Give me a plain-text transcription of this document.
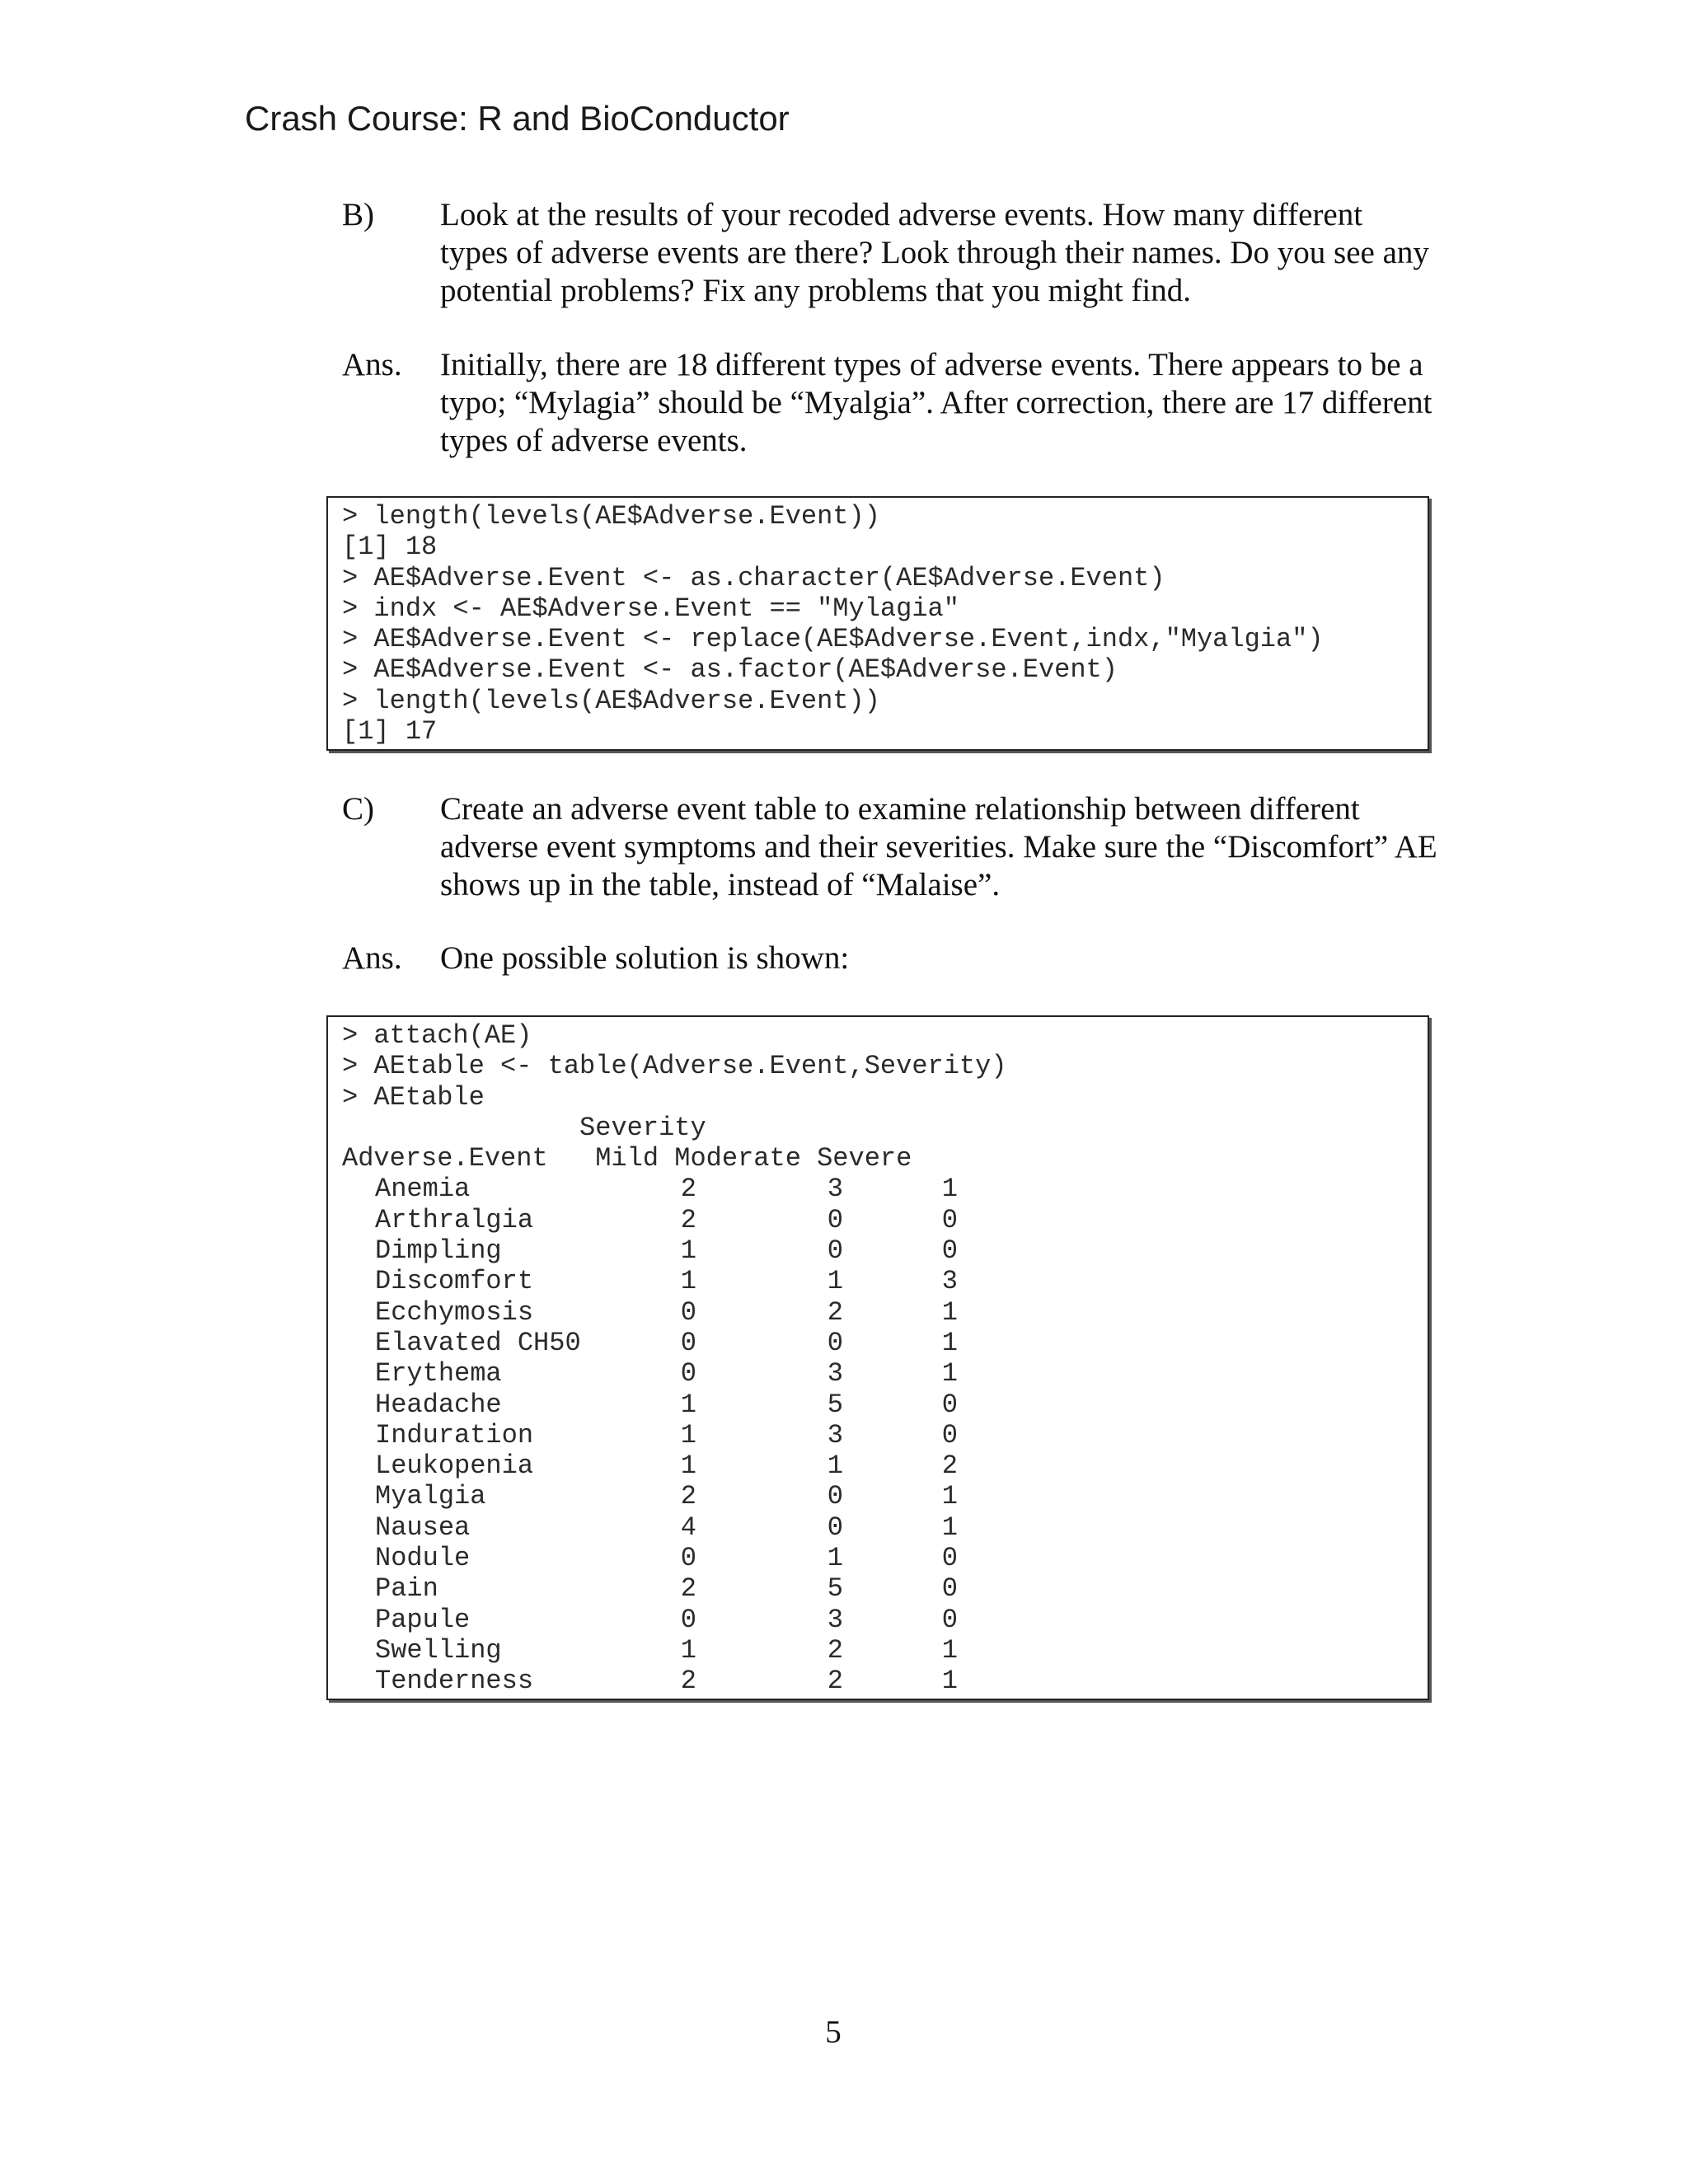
Crash Course: R and BioConductor
B)	Look at the results of your recoded adverse events. How many different types of adverse events are there? Look through their names. Do you see any potential problems? Fix any problems that you might find.

Ans.	Initially, there are 18 different types of adverse events. There appears to be a typo; “Mylagia” should be “Myalgia”. After correction, there are 17 different types of adverse events.

> length(levels(AE$Adverse.Event))
[1] 18
> AE$Adverse.Event <- as.character(AE$Adverse.Event)
> indx <- AE$Adverse.Event == "Mylagia"
> AE$Adverse.Event <- replace(AE$Adverse.Event,indx,"Myalgia")
> AE$Adverse.Event <- as.factor(AE$Adverse.Event)
> length(levels(AE$Adverse.Event))
[1] 17
C)	Create an adverse event table to examine relationship between different adverse event symptoms and their severities. Make sure the “Discomfort” AE shows up in the table, instead of “Malaise”.

Ans.	One possible solution is shown:

> attach(AE)
> AEtable <- table(Adverse.Event,Severity)
> AEtable
Severity
Adverse.Event   Mild Moderate Severe
Anemia	2	3	1
Arthralgia	2	0	0
Dimpling	1	0	0
Discomfort	1	1	3
Ecchymosis	0	2	1
Elavated CH50	0	0	1
Erythema	0	3	1
Headache	1	5	0
Induration	1	3	0
Leukopenia	1	1	2
Myalgia	2	0	1
Nausea	4	0	1
Nodule	0	1	0
Pain	2	5	0
Papule	0	3	0
Swelling	1	2	1
Tenderness	2	2	1
5
